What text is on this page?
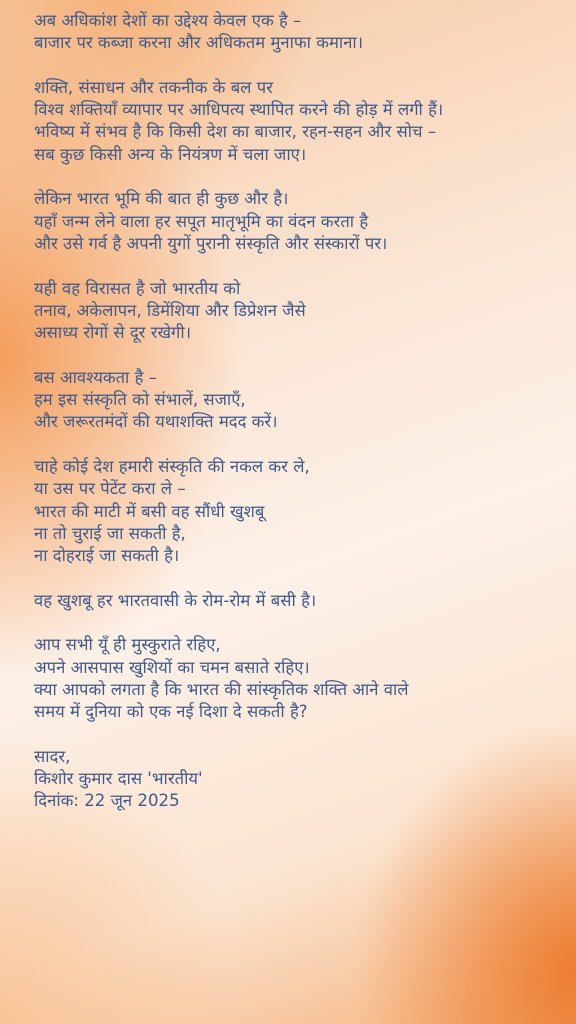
अब अधिकांश देशों का उद्देश्य केवल एक है –
बाजार पर कब्जा करना और अधिकतम मुनाफा कमाना।
शक्ति, संसाधन और तकनीक के बल पर
विश्व शक्तियाँ व्यापार पर आधिपत्य स्थापित करने की होड़ में लगी हैं।
भविष्य में संभव है कि किसी देश का बाजार, रहन-सहन और सोच –
सब कुछ किसी अन्य के नियंत्रण में चला जाए।
लेकिन भारत भूमि की बात ही कुछ और है।
यहाँ जन्म लेने वाला हर सपूत मातृभूमि का वंदन करता है
और उसे गर्व है अपनी युगों पुरानी संस्कृति और संस्कारों पर।
यही वह विरासत है जो भारतीय को
तनाव, अकेलापन, डिमेंशिया और डिप्रेशन जैसे
असाध्य रोगों से दूर रखेगी।
बस आवश्यकता है –
हम इस संस्कृति को संभालें, सजाएँ,
और जरूरतमंदों की यथाशक्ति मदद करें।
चाहे कोई देश हमारी संस्कृति की नकल कर ले,
या उस पर पेटेंट करा ले –
भारत की माटी में बसी वह सौंधी खुशबू
ना तो चुराई जा सकती है,
ना दोहराई जा सकती है।
वह खुशबू हर भारतवासी के रोम-रोम में बसी है।
आप सभी यूँ ही मुस्कुराते रहिए,
अपने आसपास खुशियों का चमन बसाते रहिए।
क्या आपको लगता है कि भारत की सांस्कृतिक शक्ति आने वाले
समय में दुनिया को एक नई दिशा दे सकती है?
सादर,
किशोर कुमार दास 'भारतीय'
दिनांक: 22 जून 2025
